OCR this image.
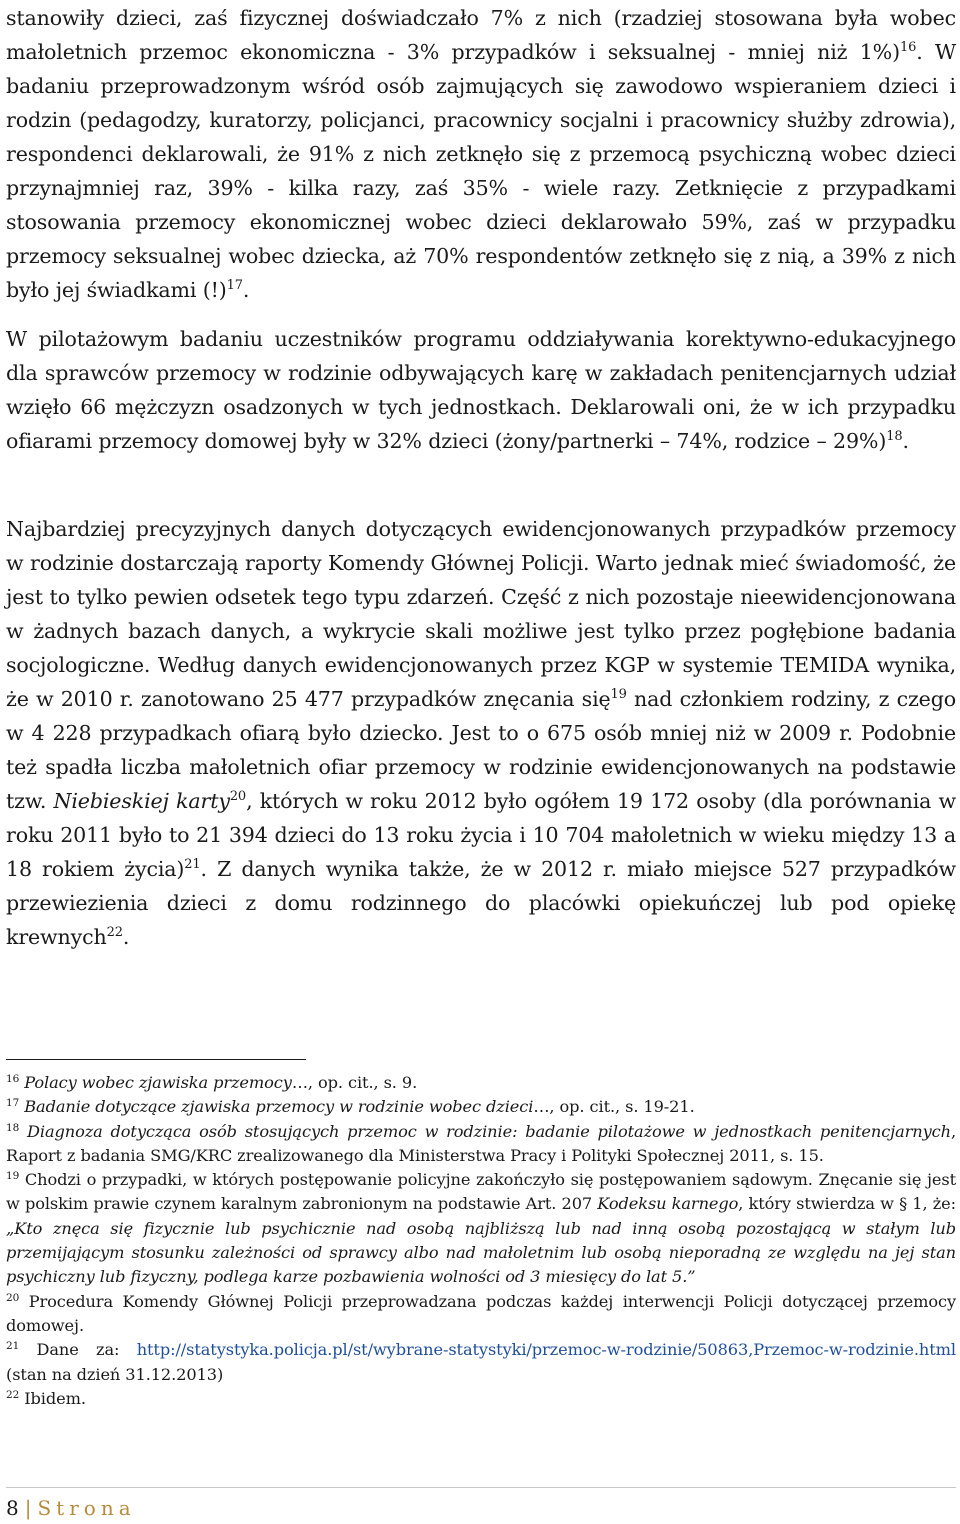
stanowiły dzieci, zaś fizycznej doświadczało 7% z nich (rzadziej stosowana była wobec małoletnich przemoc ekonomiczna - 3% przypadków i seksualnej - mniej niż 1%)$^{16}$. W badaniu przeprowadzonym wśród osób zajmujących się zawodowo wspieraniem dzieci i rodzin (pedagodzy, kuratorzy, policjanci, pracownicy socjalni i pracownicy służby zdrowia), respondenci deklarowali, że 91% z nich zetknęło się z przemocą psychiczną wobec dzieci przynajmniej raz, 39% - kilka razy, zaś 35% - wiele razy. Zetknięcie z przypadkami stosowania przemocy ekonomicznej wobec dzieci deklarowało 59%, zaś w przypadku przemocy seksualnej wobec dziecka, aż 70% respondentów zetknęło się z nią, a 39% z nich było jej świadkami (!)$^{17}$.

W pilotażowym badaniu uczestników programu oddziaływania korektywno-edukacyjnego dla sprawców przemocy w rodzinie odbywających karę w zakładach penitencjarnych udział wzięło 66 mężczyzn osadzonych w tych jednostkach. Deklarowali oni, że w ich przypadku ofiarami przemocy domowej były w 32% dzieci (żony/partnerki – 74%, rodzice – 29%)$^{18}$.

Najbardziej precyzyjnych danych dotyczących ewidencjonowanych przypadków przemocy w rodzinie dostarczają raporty Komendy Głównej Policji. Warto jednak mieć świadomość, że jest to tylko pewien odsetek tego typu zdarzeń. Część z nich pozostaje nieewidencjonowana w żadnych bazach danych, a wykrycie skali możliwe jest tylko przez pogłębione badania socjologiczne. Według danych ewidencjonowanych przez KGP w systemie TEMIDA wynika, że w 2010 r. zanotowano 25 477 przypadków znęcania się$^{19}$ nad członkiem rodziny, z czego w 4 228 przypadkach ofiarą było dziecko. Jest to o 675 osób mniej niż w 2009 r. Podobnie też spadła liczba małoletnich ofiar przemocy w rodzinie ewidencjonowanych na podstawie tzw. Niebieskiej karty$^{20}$, których w roku 2012 było ogółem 19 172 osoby (dla porównania w roku 2011 było to 21 394 dzieci do 13 roku życia i 10 704 małoletnich w wieku między 13 a 18 rokiem życia)$^{21}$. Z danych wynika także, że w 2012 r. miało miejsce 527 przypadków przewiezienia dzieci z domu rodzinnego do placówki opiekuńczej lub pod opiekę krewnych$^{22}$.

$^{16}$ Polacy wobec zjawiska przemocy…, op. cit., s. 9.

$^{17}$ Badanie dotyczące zjawiska przemocy w rodzinie wobec dzieci…, op. cit., s. 19-21.

$^{18}$ Diagnoza dotycząca osób stosujących przemoc w rodzinie: badanie pilotażowe w jednostkach penitencjarnych, Raport z badania SMG/KRC zrealizowanego dla Ministerstwa Pracy i Polityki Społecznej 2011, s. 15.

$^{19}$ Chodzi o przypadki, w których postępowanie policyjne zakończyło się postępowaniem sądowym. Znęcanie się jest w polskim prawie czynem karalnym zabronionym na podstawie Art. 207 Kodeksu karnego, który stwierdza w § 1, że: „Kto znęca się fizycznie lub psychicznie nad osobą najbliższą lub nad inną osobą pozostającą w stałym lub przemijającym stosunku zależności od sprawcy albo nad małoletnim lub osobą nieporadną ze względu na jej stan psychiczny lub fizyczny, podlega karze pozbawienia wolności od 3 miesięcy do lat 5.”

$^{20}$ Procedura Komendy Głównej Policji przeprowadzana podczas każdej interwencji Policji dotyczącej przemocy domowej.

$^{21}$ Dane za: http://statystyka.policja.pl/st/wybrane-statystyki/przemoc-w-rodzinie/50863,Przemoc-w-rodzinie.html (stan na dzień 31.12.2013)

$^{22}$ Ibidem.

8 | Strona
